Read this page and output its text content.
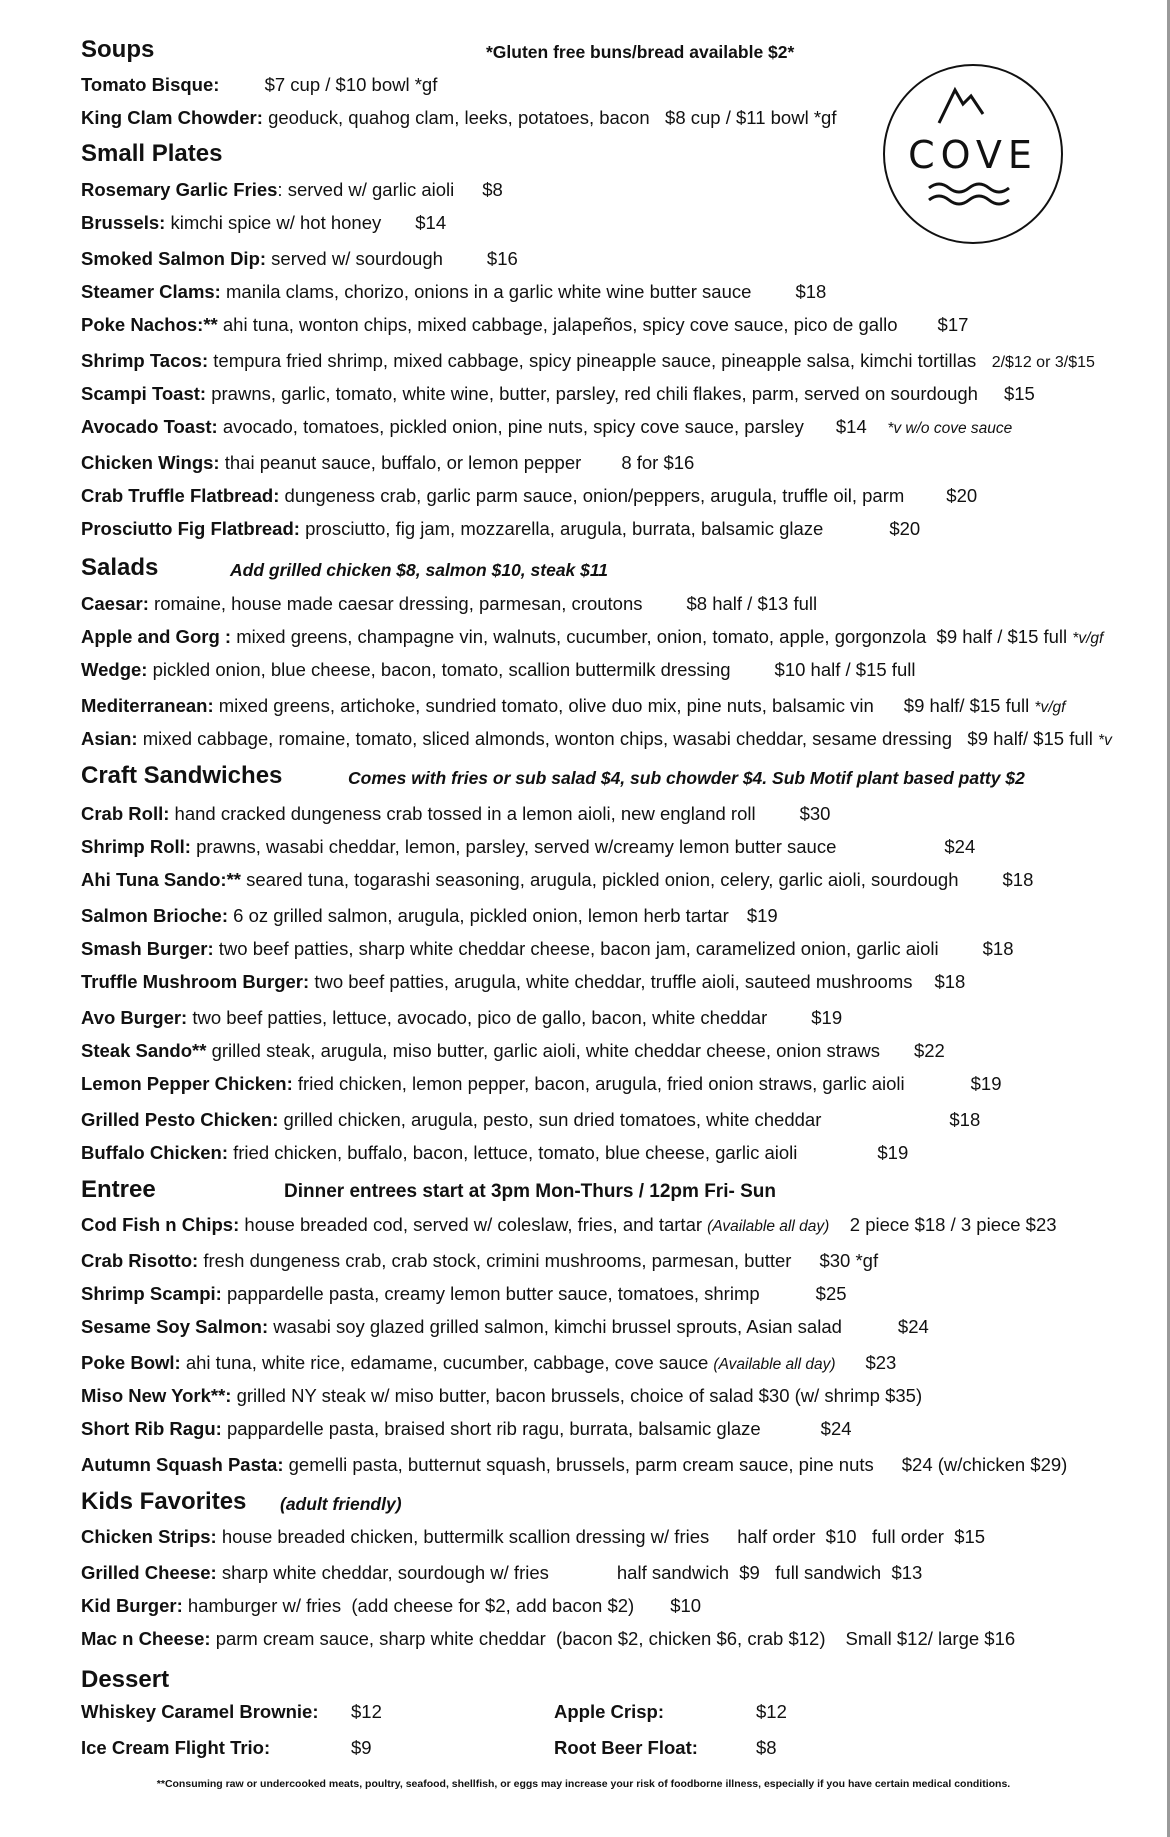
Soups	*Gluten free buns/bread available $2*
COVE
Tomato Bisque: $7 cup / $10 bowl *gf
King Clam Chowder: geoduck, quahog clam, leeks, potatoes, bacon $8 cup / $11 bowl *gf
Small Plates
Rosemary Garlic Fries: served w/ garlic aioli $8
Brussels: kimchi spice w/ hot honey $14
Smoked Salmon Dip: served w/ sourdough $16
Steamer Clams: manila clams, chorizo, onions in a garlic white wine butter sauce $18
Poke Nachos:** ahi tuna, wonton chips, mixed cabbage, jalapeños, spicy cove sauce, pico de gallo $17
Shrimp Tacos: tempura fried shrimp, mixed cabbage, spicy pineapple sauce, pineapple salsa, kimchi tortillas 2/$12 or 3/$15
Scampi Toast: prawns, garlic, tomato, white wine, butter, parsley, red chili flakes, parm, served on sourdough $15
Avocado Toast: avocado, tomatoes, pickled onion, pine nuts, spicy cove sauce, parsley $14 *v w/o cove sauce
Chicken Wings: thai peanut sauce, buffalo, or lemon pepper 8 for $16
Crab Truffle Flatbread: dungeness crab, garlic parm sauce, onion/peppers, arugula, truffle oil, parm $20
Prosciutto Fig Flatbread: prosciutto, fig jam, mozzarella, arugula, burrata, balsamic glaze	$20
Salads	Add grilled chicken $8, salmon $10, steak $11
Caesar: romaine, house made caesar dressing, parmesan, croutons $8 half / $13 full
Apple and Gorg : mixed greens, champagne vin, walnuts, cucumber, onion, tomato, apple, gorgonzola $9 half / $15 full *v/gf
Wedge: pickled onion, blue cheese, bacon, tomato, scallion buttermilk dressing $10 half / $15 full
Mediterranean: mixed greens, artichoke, sundried tomato, olive duo mix, pine nuts, balsamic vin $9 half/ $15 full *v/gf
Asian: mixed cabbage, romaine, tomato, sliced almonds, wonton chips, wasabi cheddar, sesame dressing $9 half/ $15 full *v
Craft Sandwiches	Comes with fries or sub salad $4, sub chowder $4. Sub Motif plant based patty $2
Crab Roll: hand cracked dungeness crab tossed in a lemon aioli, new england roll $30
Shrimp Roll: prawns, wasabi cheddar, lemon, parsley, served w/creamy lemon butter sauce	$24
Ahi Tuna Sando:** seared tuna, togarashi seasoning, arugula, pickled onion, celery, garlic aioli, sourdough $18
Salmon Brioche: 6 oz grilled salmon, arugula, pickled onion, lemon herb tartar $19
Smash Burger: two beef patties, sharp white cheddar cheese, bacon jam, caramelized onion, garlic aioli $18
Truffle Mushroom Burger: two beef patties, arugula, white cheddar, truffle aioli, sauteed mushrooms $18
Avo Burger: two beef patties, lettuce, avocado, pico de gallo, bacon, white cheddar $19
Steak Sando** grilled steak, arugula, miso butter, garlic aioli, white cheddar cheese, onion straws $22
Lemon Pepper Chicken: fried chicken, lemon pepper, bacon, arugula, fried onion straws, garlic aioli	$19
Grilled Pesto Chicken: grilled chicken, arugula, pesto, sun dried tomatoes, white cheddar	$18
Buffalo Chicken: fried chicken, buffalo, bacon, lettuce, tomato, blue cheese, garlic aioli	$19
Entree	Dinner entrees start at 3pm Mon-Thurs / 12pm Fri- Sun
Cod Fish n Chips: house breaded cod, served w/ coleslaw, fries, and tartar (Available all day) 2 piece $18 / 3 piece $23
Crab Risotto: fresh dungeness crab, crab stock, crimini mushrooms, parmesan, butter $30 *gf
Shrimp Scampi: pappardelle pasta, creamy lemon butter sauce, tomatoes, shrimp	$25
Sesame Soy Salmon: wasabi soy glazed grilled salmon, kimchi brussel sprouts, Asian salad	$24
Poke Bowl: ahi tuna, white rice, edamame, cucumber, cabbage, cove sauce (Available all day) $23
Miso New York**: grilled NY steak w/ miso butter, bacon brussels, choice of salad $30 (w/ shrimp $35)
Short Rib Ragu: pappardelle pasta, braised short rib ragu, burrata, balsamic glaze	$24
Autumn Squash Pasta: gemelli pasta, butternut squash, brussels, parm cream sauce, pine nuts $24 (w/chicken $29)
Kids Favorites (adult friendly)
Chicken Strips: house breaded chicken, buttermilk scallion dressing w/ fries half order  $10   full order  $15
Grilled Cheese: sharp white cheddar, sourdough w/ fries	half sandwich  $9   full sandwich  $13
Kid Burger: hamburger w/ fries  (add cheese for $2, add bacon $2) $10
Mac n Cheese: parm cream sauce, sharp white cheddar  (bacon $2, chicken $6, crab $12) Small $12/ large $16
Dessert
Whiskey Caramel Brownie: $12	Apple Crisp:	$12
Ice Cream Flight Trio:	$9	Root Beer Float:	$8
**Consuming raw or undercooked meats, poultry, seafood, shellfish, or eggs may increase your risk of foodborne illness, especially if you have certain medical conditions.
